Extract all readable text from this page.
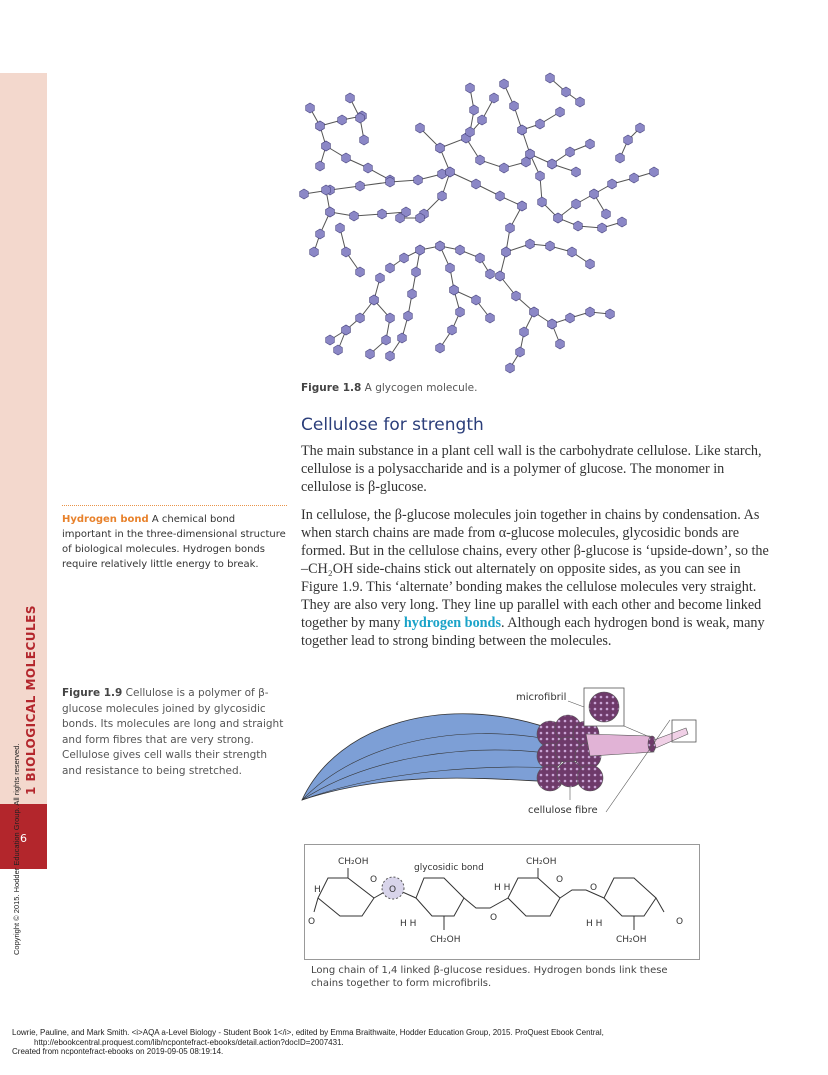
1 BIOLOGICAL MOLECULES
6
Copyright © 2015. Hodder Education Group. All rights reserved.
Figure 1.8 A glycogen molecule.
Cellulose for strength
The main substance in a plant cell wall is the carbohydrate cellulose. Like starch, cellulose is a polysaccharide and is a polymer of glucose. The monomer in cellulose is β-glucose.
In cellulose, the β-glucose molecules join together in chains by condensation. As when starch chains are made from α-glucose molecules, glycosidic bonds are formed. But in the cellulose chains, every other β-glucose is ‘upside-down’, so the –CH₂OH side-chains stick out alternately on opposite sides, as you can see in Figure 1.9. This ‘alternate’ bonding makes the cellulose molecules very straight. They are also very long. They line up parallel with each other and become linked together by many hydrogen bonds. Although each hydrogen bond is weak, many together lead to strong binding between the molecules.
Hydrogen bond A chemical bond important in the three-dimensional structure of biological molecules. Hydrogen bonds require relatively little energy to break.
Figure 1.9 Cellulose is a polymer of β-glucose molecules joined by glycosidic bonds. Its molecules are long and straight and form fibres that are very strong. Cellulose gives cell walls their strength and resistance to being stretched.
microfibril
cellulose fibre
CH₂OH	CH₂OH
CH₂OH	CH₂OH
glycosidic bond
O
O
O
O
O
O	O
H
H H
H H
H H
Long chain of 1,4 linked β-glucose residues. Hydrogen bonds link these chains together to form microfibrils.
Lowrie, Pauline, and Mark Smith. <i>AQA a-Level Biology - Student Book 1</i>, edited by Emma Braithwaite, Hodder Education Group, 2015. ProQuest Ebook Central,
http://ebookcentral.proquest.com/lib/ncpontefract-ebooks/detail.action?docID=2007431.
Created from ncpontefract-ebooks on 2019-09-05 08:19:14.
